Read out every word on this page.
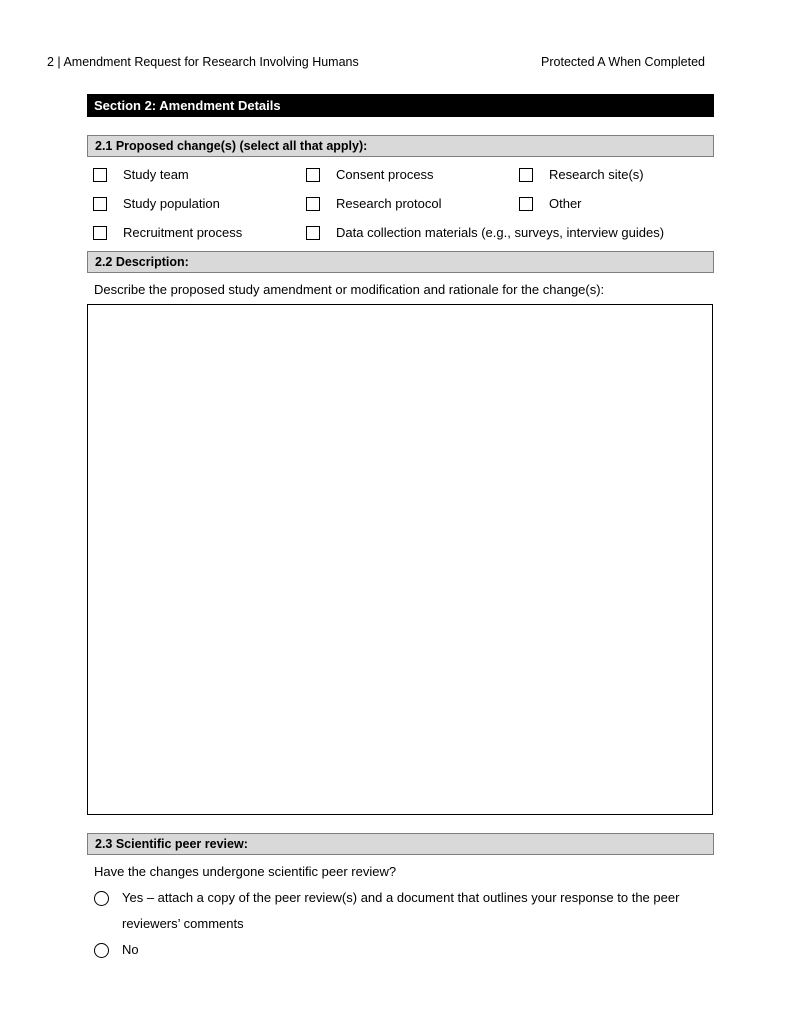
2 | Amendment Request for Research Involving Humans	Protected A When Completed
Section 2: Amendment Details
2.1 Proposed change(s) (select all that apply):
Study team	Consent process	Research site(s)
Study population	Research protocol	Other
Recruitment process	Data collection materials (e.g., surveys, interview guides)
2.2 Description:
Describe the proposed study amendment or modification and rationale for the change(s):
2.3 Scientific peer review:
Have the changes undergone scientific peer review?
Yes – attach a copy of the peer review(s) and a document that outlines your response to the peer
reviewers’ comments
No
